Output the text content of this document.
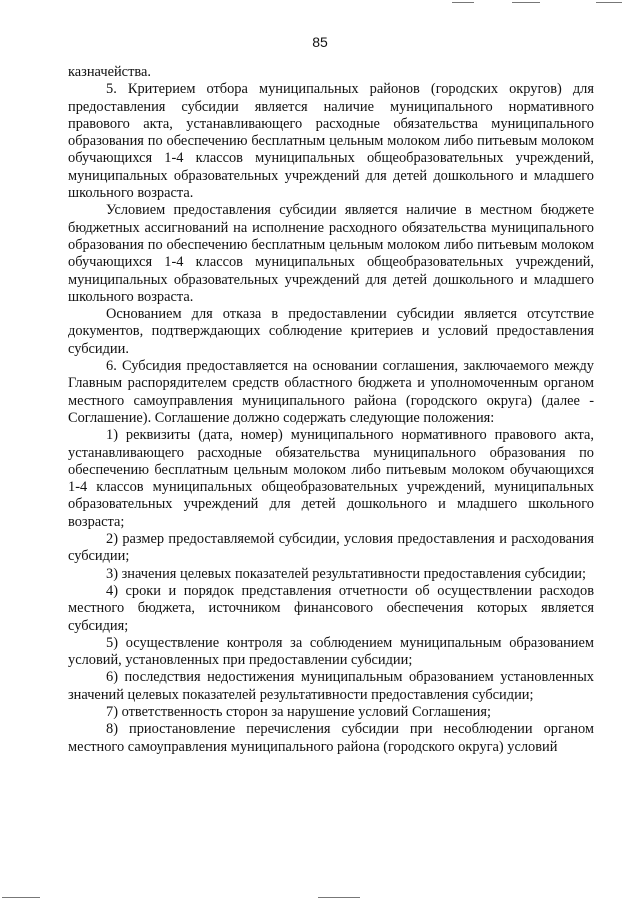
85

казначейства.

5. Критерием отбора муниципальных районов (городских округов) для предоставления субсидии является наличие муниципального нормативного правового акта, устанавливающего расходные обязательства муниципального образования по обеспечению бесплатным цельным молоком либо питьевым молоком обучающихся 1-4 классов муниципальных общеобразовательных учреждений, муниципальных образовательных учреждений для детей дошкольного и младшего школьного возраста.

Условием предоставления субсидии является наличие в местном бюджете бюджетных ассигнований на исполнение расходного обязательства муниципального образования по обеспечению бесплатным цельным молоком либо питьевым молоком обучающихся 1-4 классов муниципальных общеобразовательных учреждений, муниципальных образовательных учреждений для детей дошкольного и младшего школьного возраста.

Основанием для отказа в предоставлении субсидии является отсутствие документов, подтверждающих соблюдение критериев и условий предоставления субсидии.

6. Субсидия предоставляется на основании соглашения, заключаемого между Главным распорядителем средств областного бюджета и уполномоченным органом местного самоуправления муниципального района (городского округа) (далее - Соглашение). Соглашение должно содержать следующие положения:

1) реквизиты (дата, номер) муниципального нормативного правового акта, устанавливающего расходные обязательства муниципального образования по обеспечению бесплатным цельным молоком либо питьевым молоком обучающихся 1-4 классов муниципальных общеобразовательных учреждений, муниципальных образовательных учреждений для детей дошкольного и младшего школьного возраста;

2) размер предоставляемой субсидии, условия предоставления и расходования субсидии;

3) значения целевых показателей результативности предоставления субсидии;

4) сроки и порядок представления отчетности об осуществлении расходов местного бюджета, источником финансового обеспечения которых является субсидия;

5) осуществление контроля за соблюдением муниципальным образованием условий, установленных при предоставлении субсидии;

6) последствия недостижения муниципальным образованием установленных значений целевых показателей результативности предоставления субсидии;

7) ответственность сторон за нарушение условий Соглашения;

8) приостановление перечисления субсидии при несоблюдении органом местного самоуправления муниципального района (городского округа) условий
